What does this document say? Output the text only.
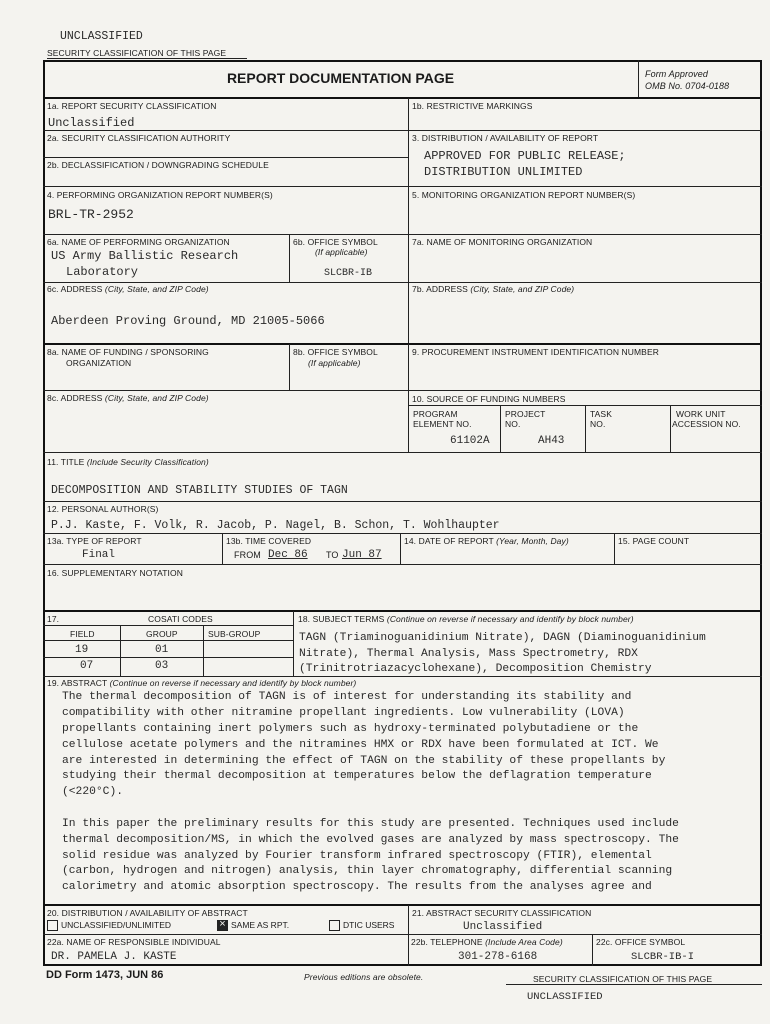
UNCLASSIFIED
SECURITY CLASSIFICATION OF THIS PAGE
REPORT DOCUMENTATION PAGE	Form Approved
OMB No. 0704-0188
1a. REPORT SECURITY CLASSIFICATION
Unclassified
1b. RESTRICTIVE MARKINGS
2a. SECURITY CLASSIFICATION AUTHORITY
2b. DECLASSIFICATION / DOWNGRADING SCHEDULE
3. DISTRIBUTION / AVAILABILITY OF REPORT
APPROVED FOR PUBLIC RELEASE;
DISTRIBUTION UNLIMITED
4. PERFORMING ORGANIZATION REPORT NUMBER(S)
BRL-TR-2952
5. MONITORING ORGANIZATION REPORT NUMBER(S)
6a. NAME OF PERFORMING ORGANIZATION
US Army Ballistic Research
Laboratory
6b. OFFICE SYMBOL
(If applicable)
SLCBR-IB
7a. NAME OF MONITORING ORGANIZATION
6c. ADDRESS (City, State, and ZIP Code)
Aberdeen Proving Ground, MD 21005-5066
7b. ADDRESS (City, State, and ZIP Code)
8a. NAME OF FUNDING / SPONSORING
ORGANIZATION
8b. OFFICE SYMBOL
(If applicable)
9. PROCUREMENT INSTRUMENT IDENTIFICATION NUMBER
8c. ADDRESS (City, State, and ZIP Code)	10. SOURCE OF FUNDING NUMBERS
PROGRAM
ELEMENT NO.
PROJECT
NO.
TASK
NO.
WORK UNIT
ACCESSION NO.
61102A	AH43
11. TITLE (Include Security Classification)
DECOMPOSITION AND STABILITY STUDIES OF TAGN
12. PERSONAL AUTHOR(S)
P.J. Kaste, F. Volk, R. Jacob, P. Nagel, B. Schon, T. Wohlhaupter
13a. TYPE OF REPORT
Final
13b. TIME COVERED
FROM Dec 86 TO Jun 87
14. DATE OF REPORT (Year, Month, Day)	15. PAGE COUNT
16. SUPPLEMENTARY NOTATION
17.	COSATI CODES
FIELD	GROUP	SUB-GROUP
19	01
07	03
18. SUBJECT TERMS (Continue on reverse if necessary and identify by block number)
TAGN (Triaminoguanidinium Nitrate), DAGN (Diaminoguanidinium
Nitrate), Thermal Analysis, Mass Spectrometry, RDX
(Trinitrotriazacyclohexane), Decomposition Chemistry
19. ABSTRACT (Continue on reverse if necessary and identify by block number)
The thermal decomposition of TAGN is of interest for understanding its stability and
compatibility with other nitramine propellant ingredients. Low vulnerability (LOVA)
propellants containing inert polymers such as hydroxy-terminated polybutadiene or the
cellulose acetate polymers and the nitramines HMX or RDX have been formulated at ICT. We
are interested in determining the effect of TAGN on the stability of these propellants by
studying their thermal decomposition at temperatures below the deflagration temperature
(<220°C).
In this paper the preliminary results for this study are presented. Techniques used include
thermal decomposition/MS, in which the evolved gases are analyzed by mass spectroscopy. The
solid residue was analyzed by Fourier transform infrared spectroscopy (FTIR), elemental
(carbon, hydrogen and nitrogen) analysis, thin layer chromatography, differential scanning
calorimetry and atomic absorption spectroscopy. The results from the analyses agree and
20. DISTRIBUTION / AVAILABILITY OF ABSTRACT
UNCLASSIFIED/UNLIMITED
×	SAME AS RPT.	DTIC USERS
21. ABSTRACT SECURITY CLASSIFICATION
Unclassified
22a. NAME OF RESPONSIBLE INDIVIDUAL
DR. PAMELA J. KASTE
22b. TELEPHONE (Include Area Code)
301-278-6168
22c. OFFICE SYMBOL
SLCBR-IB-I
DD Form 1473, JUN 86	Previous editions are obsolete.	SECURITY CLASSIFICATION OF THIS PAGE
UNCLASSIFIED
